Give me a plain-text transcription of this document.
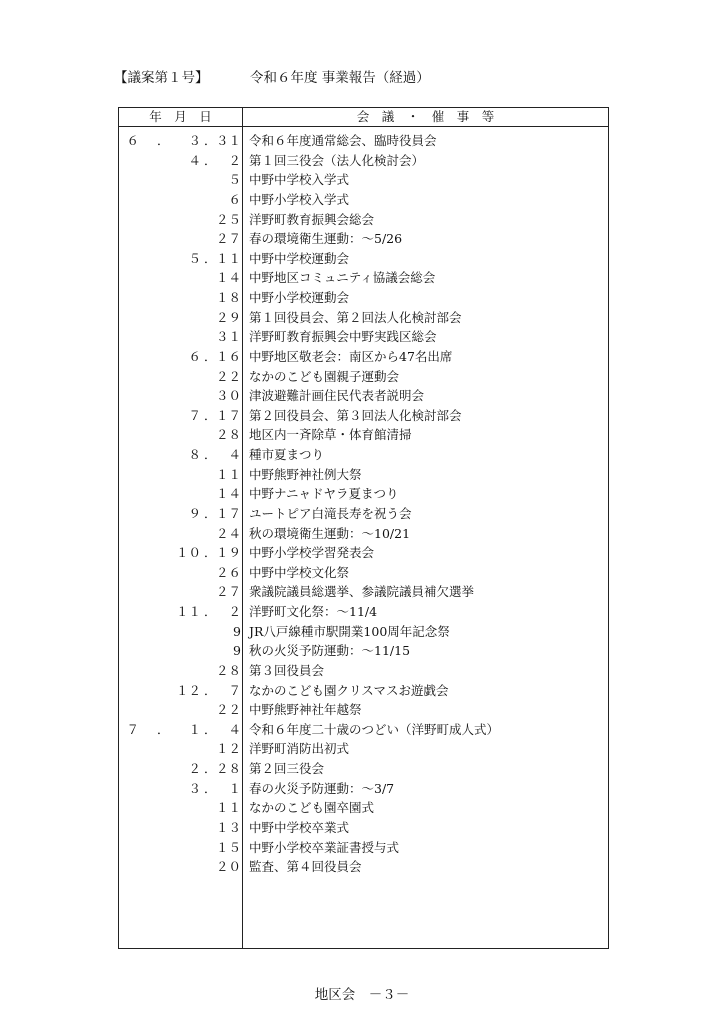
【議案第１号】	令和６年度 事業報告（経過）
年　月　日	会　議　・　催　事　等
６ ．	３ ． ３１ 令和６年度通常総会、臨時役員会
４ ． ２ 第１回三役会（法人化検討会）
５ 中野中学校入学式
６ 中野小学校入学式
２５ 洋野町教育振興会総会
２７ 春の環境衛生運動：～5/26
５ ． １１ 中野中学校運動会
１４ 中野地区コミュニティ協議会総会
１８ 中野小学校運動会
２９ 第１回役員会、第２回法人化検討部会
３１ 洋野町教育振興会中野実践区総会
６ ． １６ 中野地区敬老会：南区から47名出席
２２ なかのこども園親子運動会
３０ 津波避難計画住民代表者説明会
７ ． １７ 第２回役員会、第３回法人化検討部会
２８ 地区内一斉除草・体育館清掃
８ ． ４ 種市夏まつり
１１ 中野熊野神社例大祭
１４ 中野ナニャドヤラ夏まつり
９ ． １７ ユートピア白滝長寿を祝う会
２４ 秋の環境衛生運動：～10/21
１０ ． １９ 中野小学校学習発表会
２６ 中野中学校文化祭
２７ 衆議院議員総選挙、参議院議員補欠選挙
１１ ． ２ 洋野町文化祭：～11/4
9 JR八戸線種市駅開業100周年記念祭
9 秋の火災予防運動：～11/15
２８ 第３回役員会
１２ ． ７ なかのこども園クリスマスお遊戯会
２２ 中野熊野神社年越祭
７ ．	１ ． ４ 令和６年度二十歳のつどい（洋野町成人式）
１２ 洋野町消防出初式
２ ． ２８ 第２回三役会
３ ． １ 春の火災予防運動：～3/7
１１ なかのこども園卒園式
１３ 中野中学校卒業式
１５ 中野小学校卒業証書授与式
２０ 監査、第４回役員会
地区会　－３－
